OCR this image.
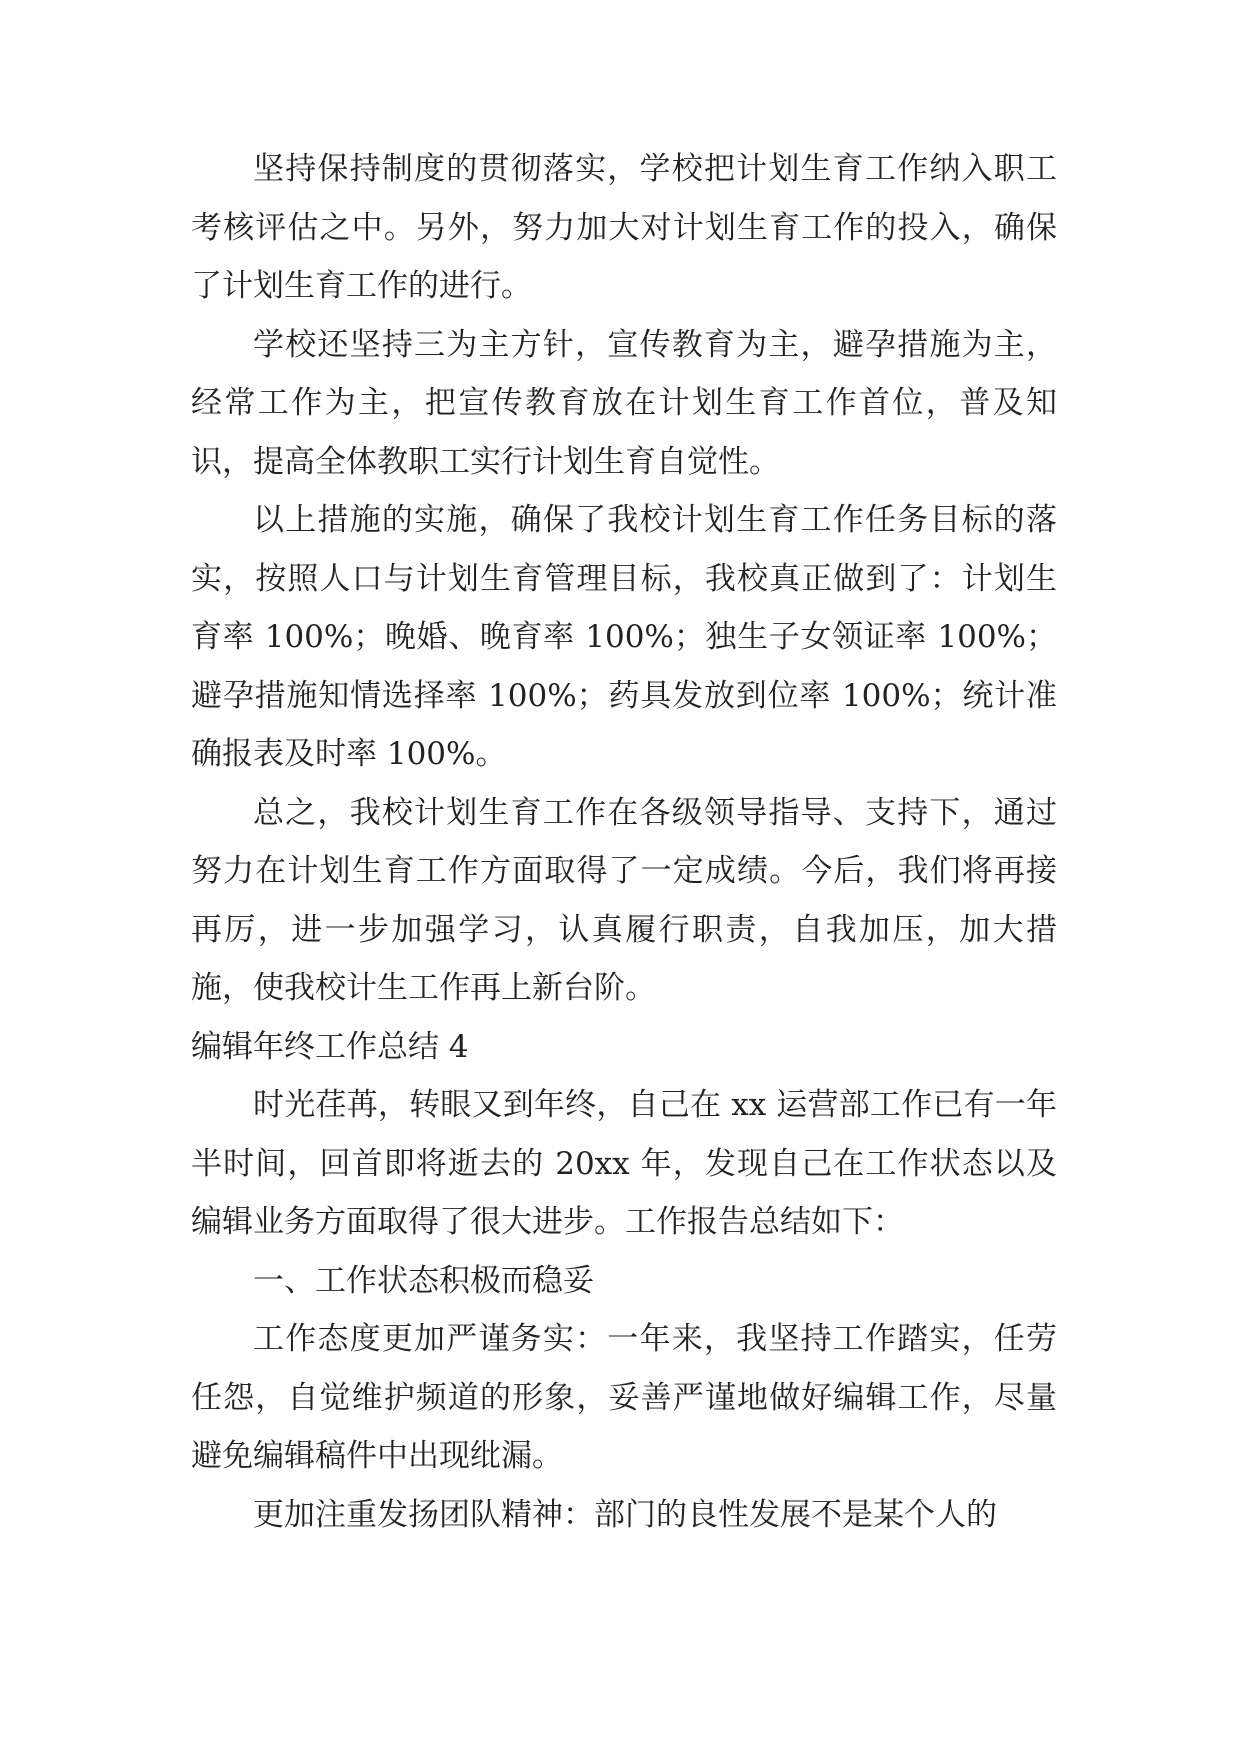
坚持保持制度的贯彻落实，学校把计划生育工作纳入职工考核评估之中。另外，努力加大对计划生育工作的投入，确保了计划生育工作的进行。

学校还坚持三为主方针，宣传教育为主，避孕措施为主，经常工作为主，把宣传教育放在计划生育工作首位，普及知识，提高全体教职工实行计划生育自觉性。

以上措施的实施，确保了我校计划生育工作任务目标的落实，按照人口与计划生育管理目标，我校真正做到了：计划生育率 100%；晚婚、晚育率 100%；独生子女领证率 100%；避孕措施知情选择率 100%；药具发放到位率 100%；统计准确报表及时率 100%。

总之，我校计划生育工作在各级领导指导、支持下，通过努力在计划生育工作方面取得了一定成绩。今后，我们将再接再厉，进一步加强学习，认真履行职责，自我加压，加大措施，使我校计生工作再上新台阶。

编辑年终工作总结 4

时光荏苒，转眼又到年终，自己在 xx 运营部工作已有一年半时间，回首即将逝去的 20xx 年，发现自己在工作状态以及编辑业务方面取得了很大进步。工作报告总结如下：

一、工作状态积极而稳妥

工作态度更加严谨务实：一年来，我坚持工作踏实，任劳任怨，自觉维护频道的形象，妥善严谨地做好编辑工作，尽量避免编辑稿件中出现纰漏。

更加注重发扬团队精神：部门的良性发展不是某个人的
